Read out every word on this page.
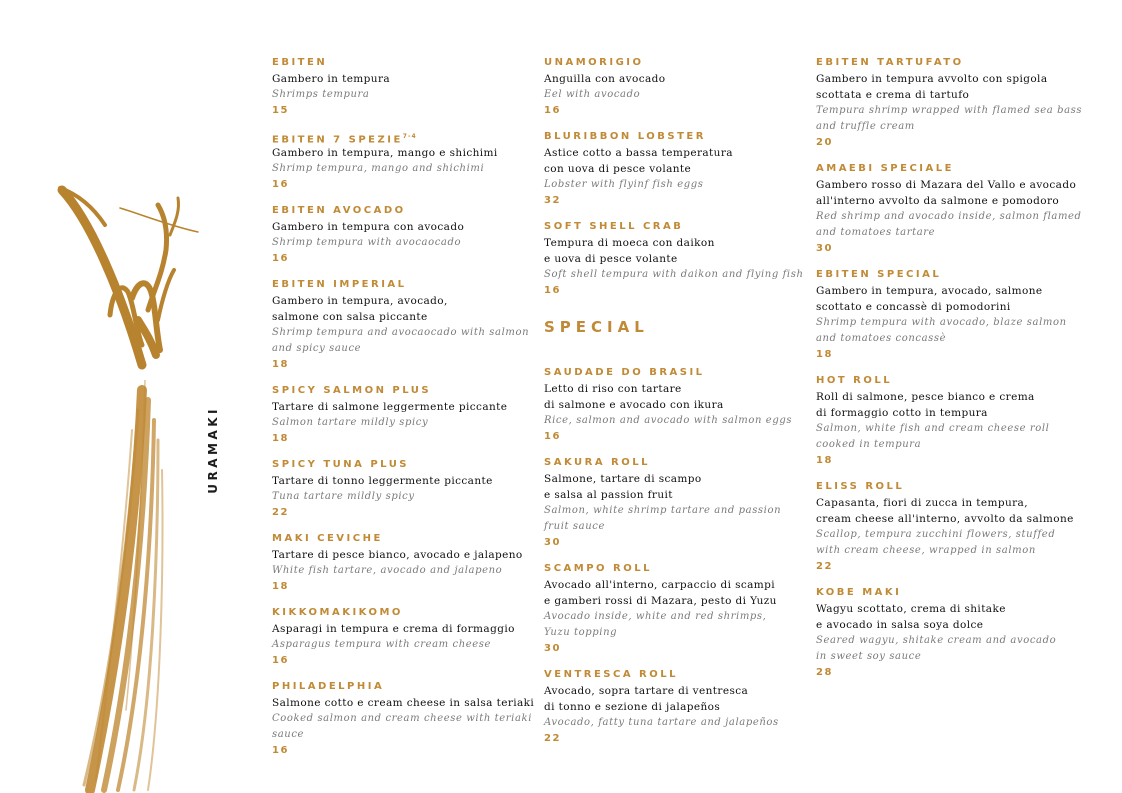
URAMAKI
EBITEN
Gambero in tempura
Shrimps tempura
15
EBITEN 7 SPEZIE$^{7-4}$
Gambero in tempura, mango e shichimi
Shrimp tempura, mango and shichimi
16
EBITEN AVOCADO
Gambero in tempura con avocado
Shrimp tempura with avocaocado
16
EBITEN IMPERIAL
Gambero in tempura, avocado,
salmone con salsa piccante
Shrimp tempura and avocaocado with salmon
and spicy sauce
18
SPICY SALMON PLUS
Tartare di salmone leggermente piccante
Salmon tartare mildly spicy
18
SPICY TUNA PLUS
Tartare di tonno leggermente piccante
Tuna tartare mildly spicy
22
MAKI CEVICHE
Tartare di pesce bianco, avocado e jalapeno
White fish tartare, avocado and jalapeno
18
KIKKOMAKIKOMO
Asparagi in tempura e crema di formaggio
Asparagus tempura with cream cheese
16
PHILADELPHIA
Salmone cotto e cream cheese in salsa teriaki
Cooked salmon and cream cheese with teriaki
sauce
16
UNAMORIGIO
Anguilla con avocado
Eel with avocado
16
BLURIBBON LOBSTER
Astice cotto a bassa temperatura
con uova di pesce volante
Lobster with flyinf fish eggs
32
SOFT SHELL CRAB
Tempura di moeca con daikon
e uova di pesce volante
Soft shell tempura with daikon and flying fish
16
SPECIAL
SAUDADE DO BRASIL
Letto di riso con tartare
di salmone e avocado con ikura
Rice, salmon and avocado with salmon eggs
16
SAKURA ROLL
Salmone, tartare di scampo
e salsa al passion fruit
Salmon, white shrimp tartare and passion
fruit sauce
30
SCAMPO ROLL
Avocado all'interno, carpaccio di scampi
e gamberi rossi di Mazara, pesto di Yuzu
Avocado inside, white and red shrimps,
Yuzu topping
30
VENTRESCA ROLL
Avocado, sopra tartare di ventresca
di tonno e sezione di jalapeños
Avocado, fatty tuna tartare and jalapeños
22
EBITEN TARTUFATO
Gambero in tempura avvolto con spigola
scottata e crema di tartufo
Tempura shrimp wrapped with flamed sea bass
and truffle cream
20
AMAEBI SPECIALE
Gambero rosso di Mazara del Vallo e avocado
all'interno avvolto da salmone e pomodoro
Red shrimp and avocado inside, salmon flamed
and tomatoes tartare
30
EBITEN SPECIAL
Gambero in tempura, avocado, salmone
scottato e concassè di pomodorini
Shrimp tempura with avocado, blaze salmon
and tomatoes concassè
18
HOT ROLL
Roll di salmone, pesce bianco e crema
di formaggio cotto in tempura
Salmon, white fish and cream cheese roll
cooked in tempura
18
ELISS ROLL
Capasanta, fiori di zucca in tempura,
cream cheese all'interno, avvolto da salmone
Scallop, tempura zucchini flowers, stuffed
with cream cheese, wrapped in salmon
22
KOBE MAKI
Wagyu scottato, crema di shitake
e avocado in salsa soya dolce
Seared wagyu, shitake cream and avocado
in sweet soy sauce
28
